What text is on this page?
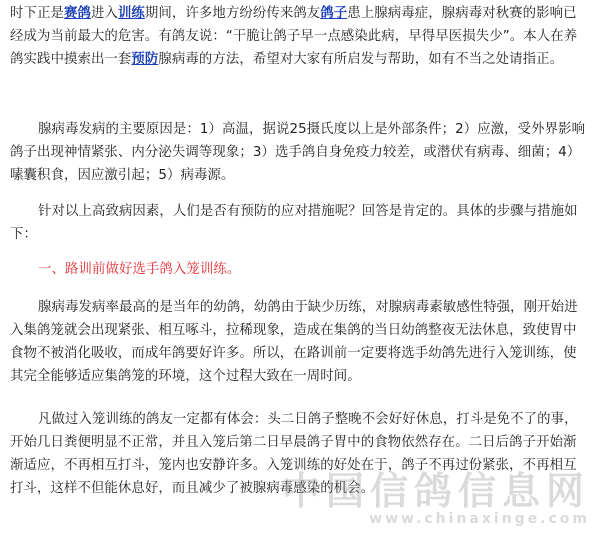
时下正是赛鸽进入训练期间，许多地方纷纷传来鸽友鸽子患上腺病毒症，腺病毒对秋赛的影响已经成为当前最大的危害。有鸽友说：“干脆让鸽子早一点感染此病，早得早医损失少”。本人在养鸽实践中摸索出一套预防腺病毒的方法，希望对大家有所启发与帮助，如有不当之处请指正。

腺病毒发病的主要原因是：1）高温，据说25摄氏度以上是外部条件；2）应激，受外界影响鸽子出现神情紧张、内分泌失调等现象；3）选手鸽自身免疫力较差，或潜伏有病毒、细菌；4）嗉囊积食，因应激引起；5）病毒源。

针对以上高致病因素，人们是否有预防的应对措施呢？回答是肯定的。具体的步骤与措施如下：

一、路训前做好选手鸽入笼训练。

腺病毒发病率最高的是当年的幼鸽，幼鸽由于缺少历练，对腺病毒素敏感性特强，刚开始进入集鸽笼就会出现紧张、相互啄斗，拉稀现象，造成在集鸽的当日幼鸽整夜无法休息，致使胃中食物不被消化吸收，而成年鸽要好许多。所以，在路训前一定要将选手幼鸽先进行入笼训练，使其完全能够适应集鸽笼的环境，这个过程大致在一周时间。

凡做过入笼训练的鸽友一定都有体会：头二日鸽子整晚不会好好休息，打斗是免不了的事，开始几日粪便明显不正常，并且入笼后第二日早晨鸽子胃中的食物依然存在。二日后鸽子开始渐渐适应，不再相互打斗，笼内也安静许多。入笼训练的好处在于，鸽子不再过份紧张，不再相互打斗，这样不但能休息好，而且减少了被腺病毒感染的机会。

中国信鸽信息网
www.chinaxinge.com
